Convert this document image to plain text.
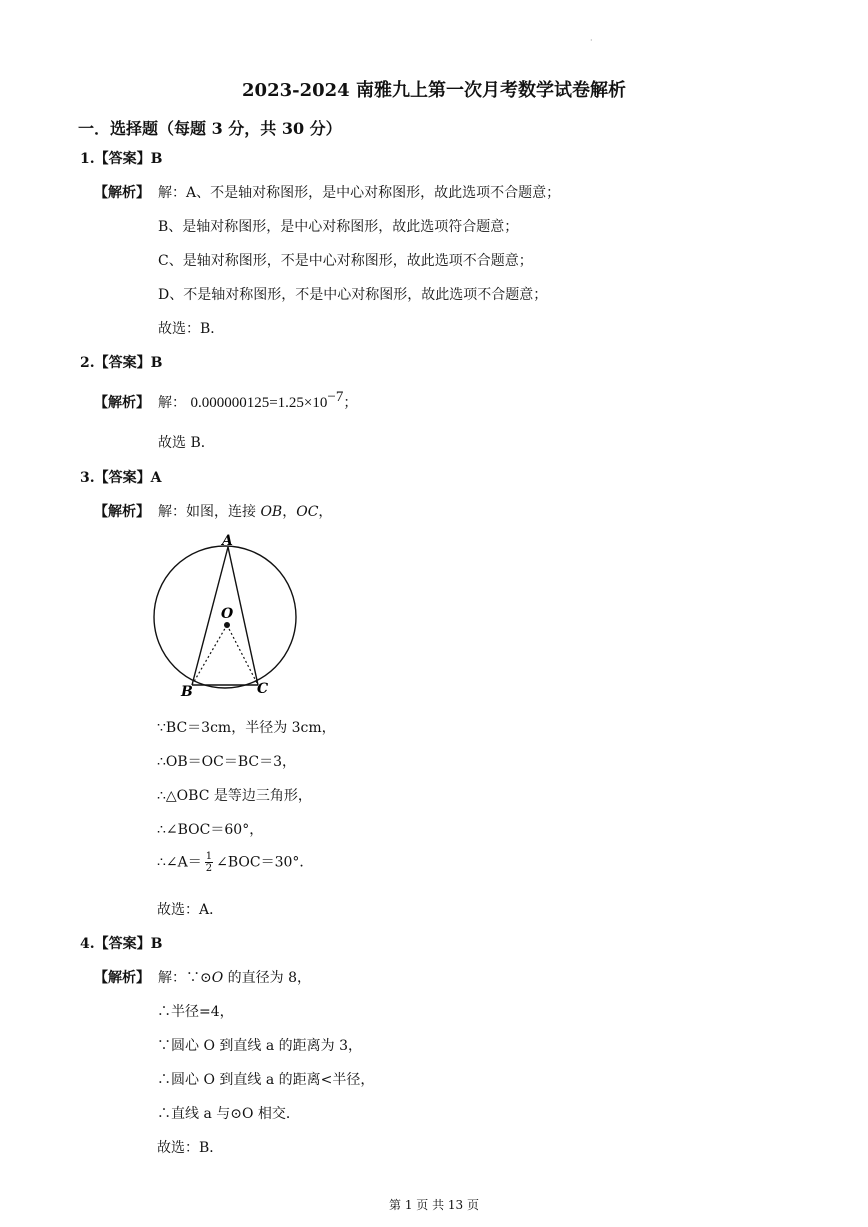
·
2023-2024 南雅九上第一次月考数学试卷解析
一．选择题（每题 3 分，共 30 分）
1.【答案】B
【解析】 解：A、不是轴对称图形，是中心对称图形，故此选项不合题意；
B、是轴对称图形，是中心对称图形，故此选项符合题意；
C、是轴对称图形，不是中心对称图形，故此选项不合题意；
D、不是轴对称图形，不是中心对称图形，故此选项不合题意；
故选：B．
2.【答案】B
【解析】 解： $0.000000125=1.25\times 10^{-7}$；
故选 B．
3.【答案】A
【解析】 解：如图，连接 OB，OC，
A
O
B	C
∵BC＝3cm，半径为 3cm，
∴OB＝OC＝BC＝3，
∴△OBC 是等边三角形，
∴∠BOC＝60°，
∴∠A＝ $\frac{1}{2}$ ∠BOC＝30°．
故选：A．
4.【答案】B
【解析】 解：∵⊙O 的直径为 8，
∴半径=4，
∵圆心 O 到直线 a 的距离为 3，
∴圆心 O 到直线 a 的距离<半径，
∴直线 a 与⊙O 相交．
故选：B．
第 1 页 共 13 页
